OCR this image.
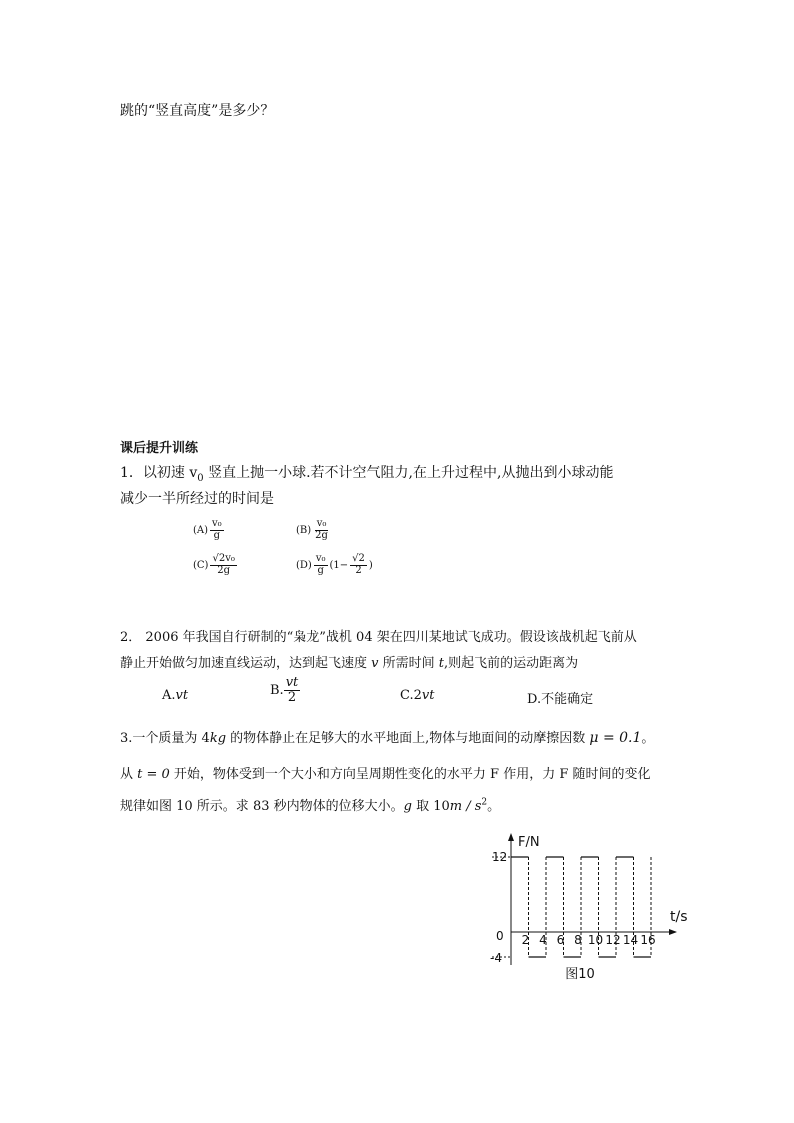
跳的“竖直高度”是多少？
课后提升训练
1．以初速 $v_0$ 竖直上抛一小球.若不计空气阻力,在上升过程中,从抛出到小球动能
减少一半所经过的时间是
$(A) \frac{\text{v₀}}{g}$	$(B) \frac{\text{v₀}}{2g}$
$(C) \frac{\text{√2v₀}}{2g}$	$(D) \frac{\text{v₀}}{g} (1- \frac{√2}{2}$ )
2． 2006 年我国自行研制的“枭龙”战机 04 架在四川某地试飞成功。假设该战机起飞前从
静止开始做匀加速直线运动，达到起飞速度 v 所需时间 t,则起飞前的运动距离为
A.vt	B. $\frac{vt}{2}$	C.2vt	D.不能确定
3.一个质量为 4kg 的物体静止在足够大的水平地面上,物体与地面间的动摩擦因数 μ = 0.1。
从 t = 0 开始，物体受到一个大小和方向呈周期性变化的水平力 F 作用，力 F 随时间的变化
规律如图 10 所示。求 83 秒内物体的位移大小。g 取 $10m / s^2$。
F/N
t/s
12
0
-4
2 4 6 8 10 12 14 16
图10
